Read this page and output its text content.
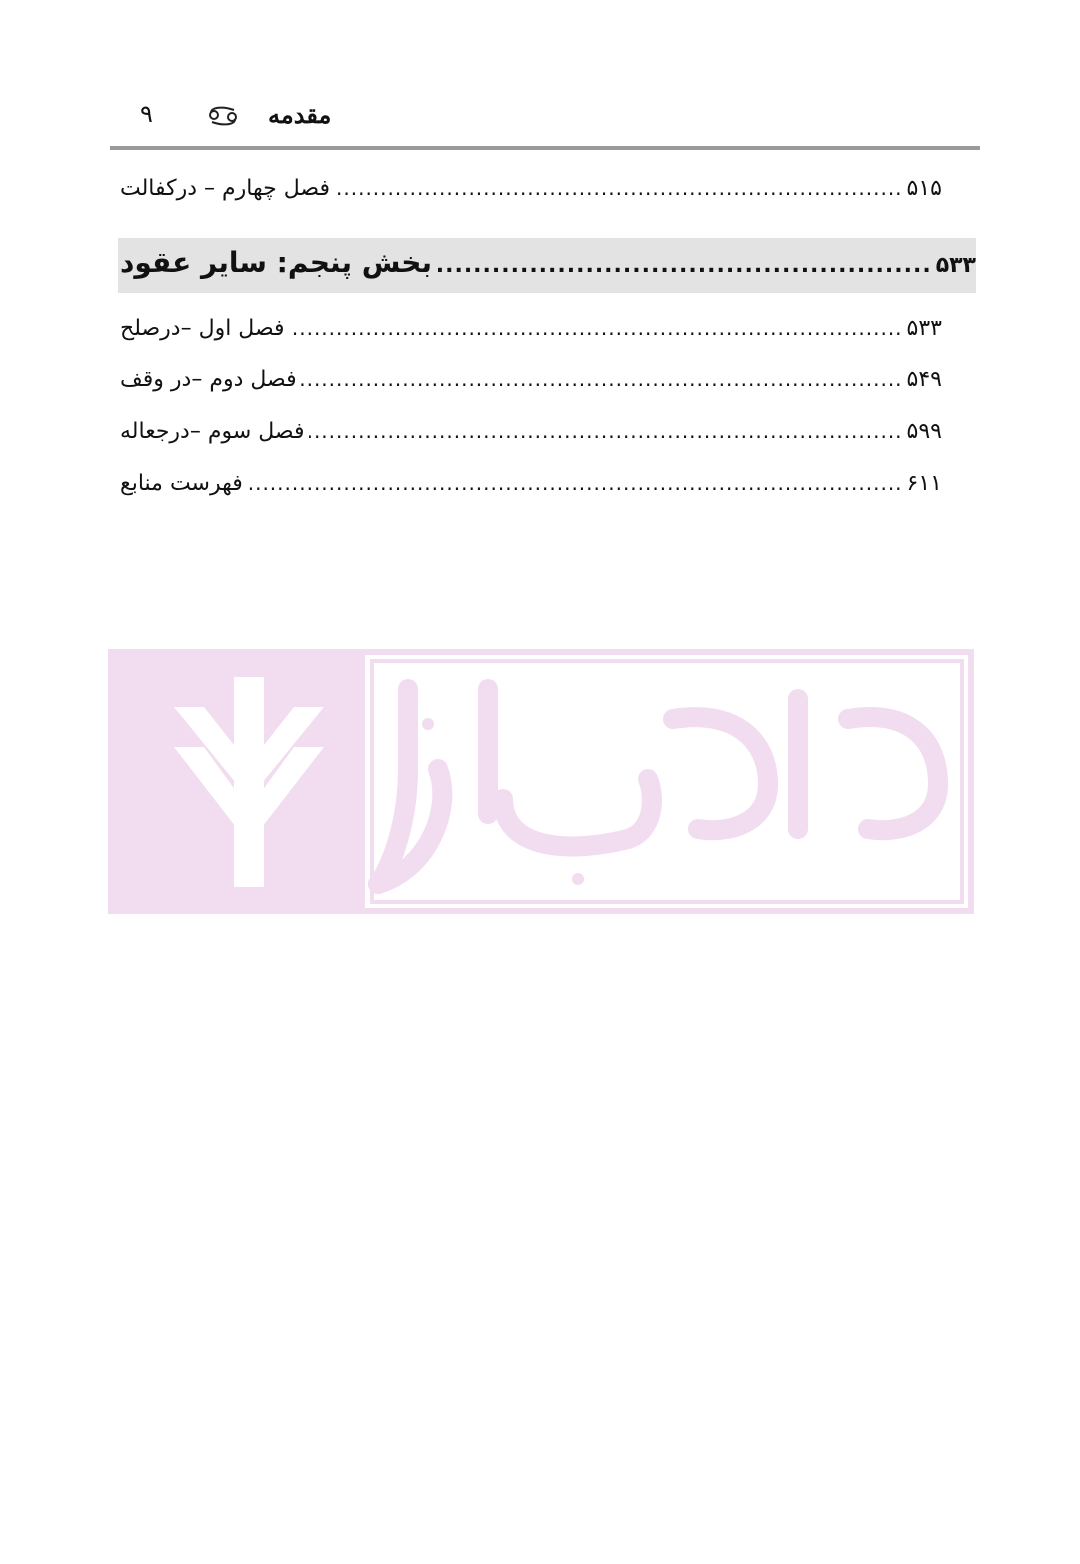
۹	مقدمه
فصل چهارم – درکفالت .....	۵۱۵
بخش پنجم: سایر عقود .....	۵۳۳
فصل اول –درصلح .....	۵۳۳
فصل دوم –در وقف .....	۵۴۹
فصل سوم –درجعاله .....	۵۹۹
فهرست منابع .....	۶۱۱
